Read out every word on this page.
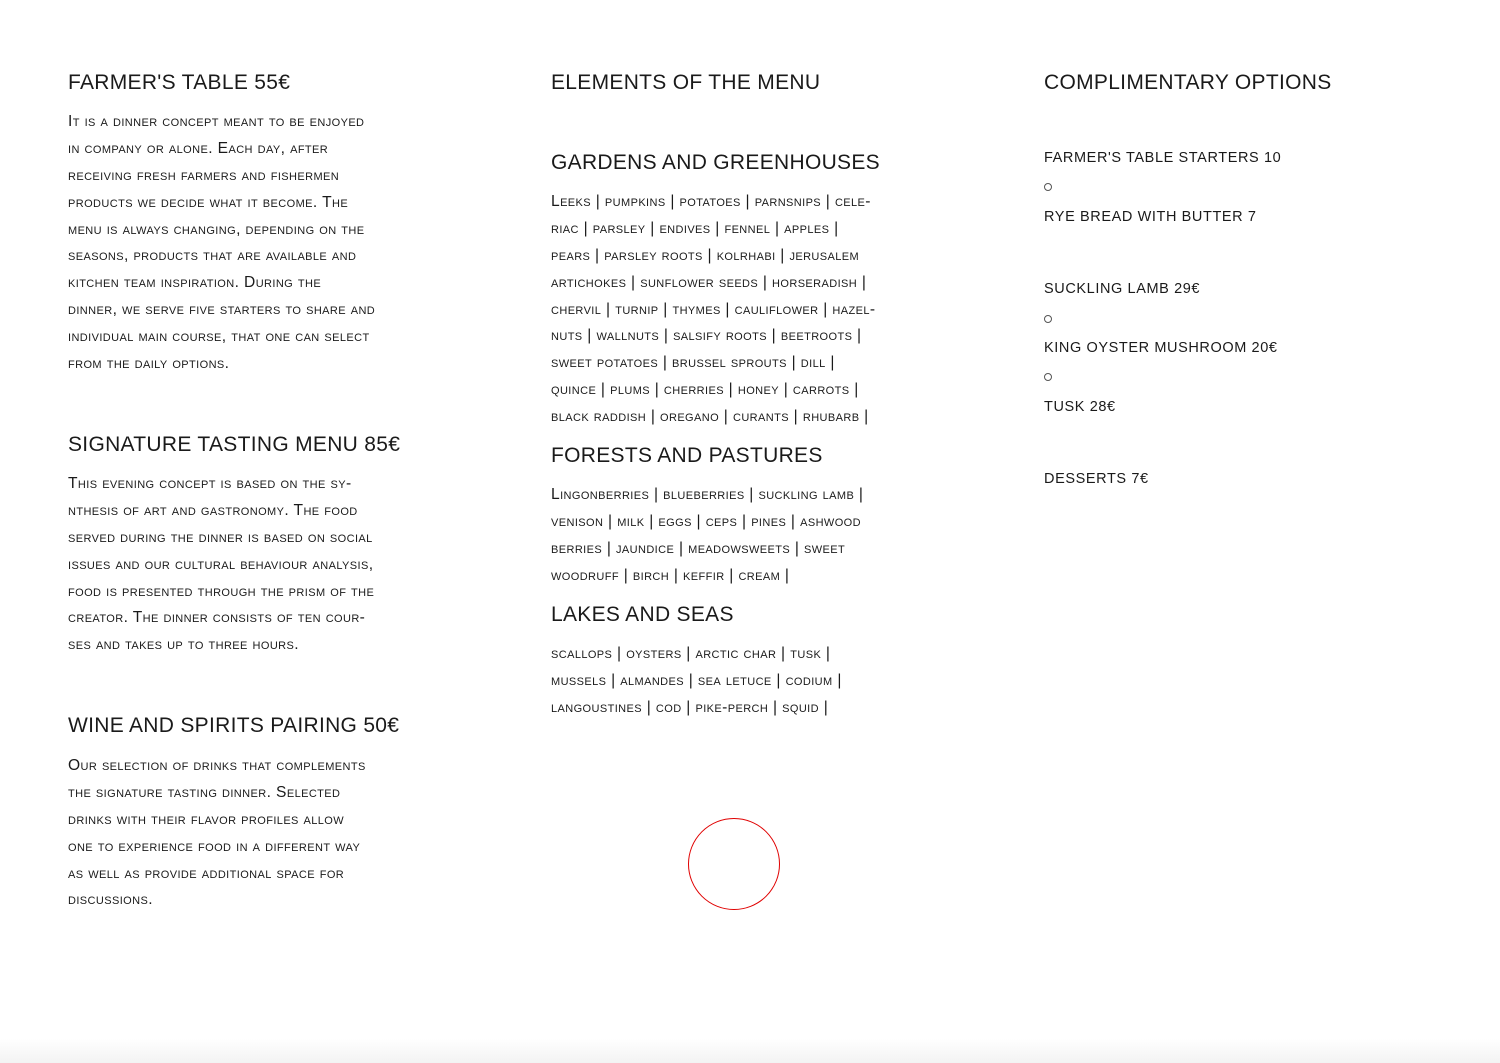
FARMER'S TABLE 55€
It is a dinner concept meant to be enjoyed
in company or alone. Each day, after
receiving fresh farmers and fishermen
products we decide what it become. The
menu is always changing, depending on the
seasons, products that are available and
kitchen team inspiration. During the
dinner, we serve five starters to share and
individual main course, that one can select
from the daily options.
SIGNATURE TASTING MENU 85€
This evening concept is based on the sy-
nthesis of art and gastronomy. The food
served during the dinner is based on social
issues and our cultural behaviour analysis,
food is presented through the prism of the
creator. The dinner consists of ten cour-
ses and takes up to three hours.
WINE AND SPIRITS PAIRING 50€
Our selection of drinks that complements
the signature tasting dinner. Selected
drinks with their flavor profiles allow
one to experience food in a different way
as well as provide additional space for
discussions.
ELEMENTS OF THE MENU
GARDENS AND GREENHOUSES
Leeks | pumpkins | potatoes | parnsnips | cele-
riac | parsley | endives | fennel | apples |
pears | parsley roots | kolrhabi | jerusalem
artichokes | sunflower seeds | horseradish |
chervil | turnip | thymes | cauliflower | hazel-
nuts | wallnuts | salsify roots | beetroots |
sweet potatoes | brussel sprouts | dill |
quince | plums | cherries | honey | carrots |
black raddish | oregano | curants | rhubarb |
FORESTS AND PASTURES
Lingonberries | blueberries | suckling lamb |
venison | milk | eggs | ceps | pines | ashwood
berries | jaundice | meadowsweets | sweet
woodruff | birch | keffir | cream |
LAKES AND SEAS
scallops | oysters | arctic char | tusk |
mussels | almandes | sea letuce | codium |
langoustines | cod | pike-perch | squid |
COMPLIMENTARY OPTIONS
FARMER'S TABLE STARTERS 10
RYE BREAD WITH BUTTER 7
SUCKLING LAMB 29€
KING OYSTER MUSHROOM 20€
TUSK 28€
DESSERTS 7€
